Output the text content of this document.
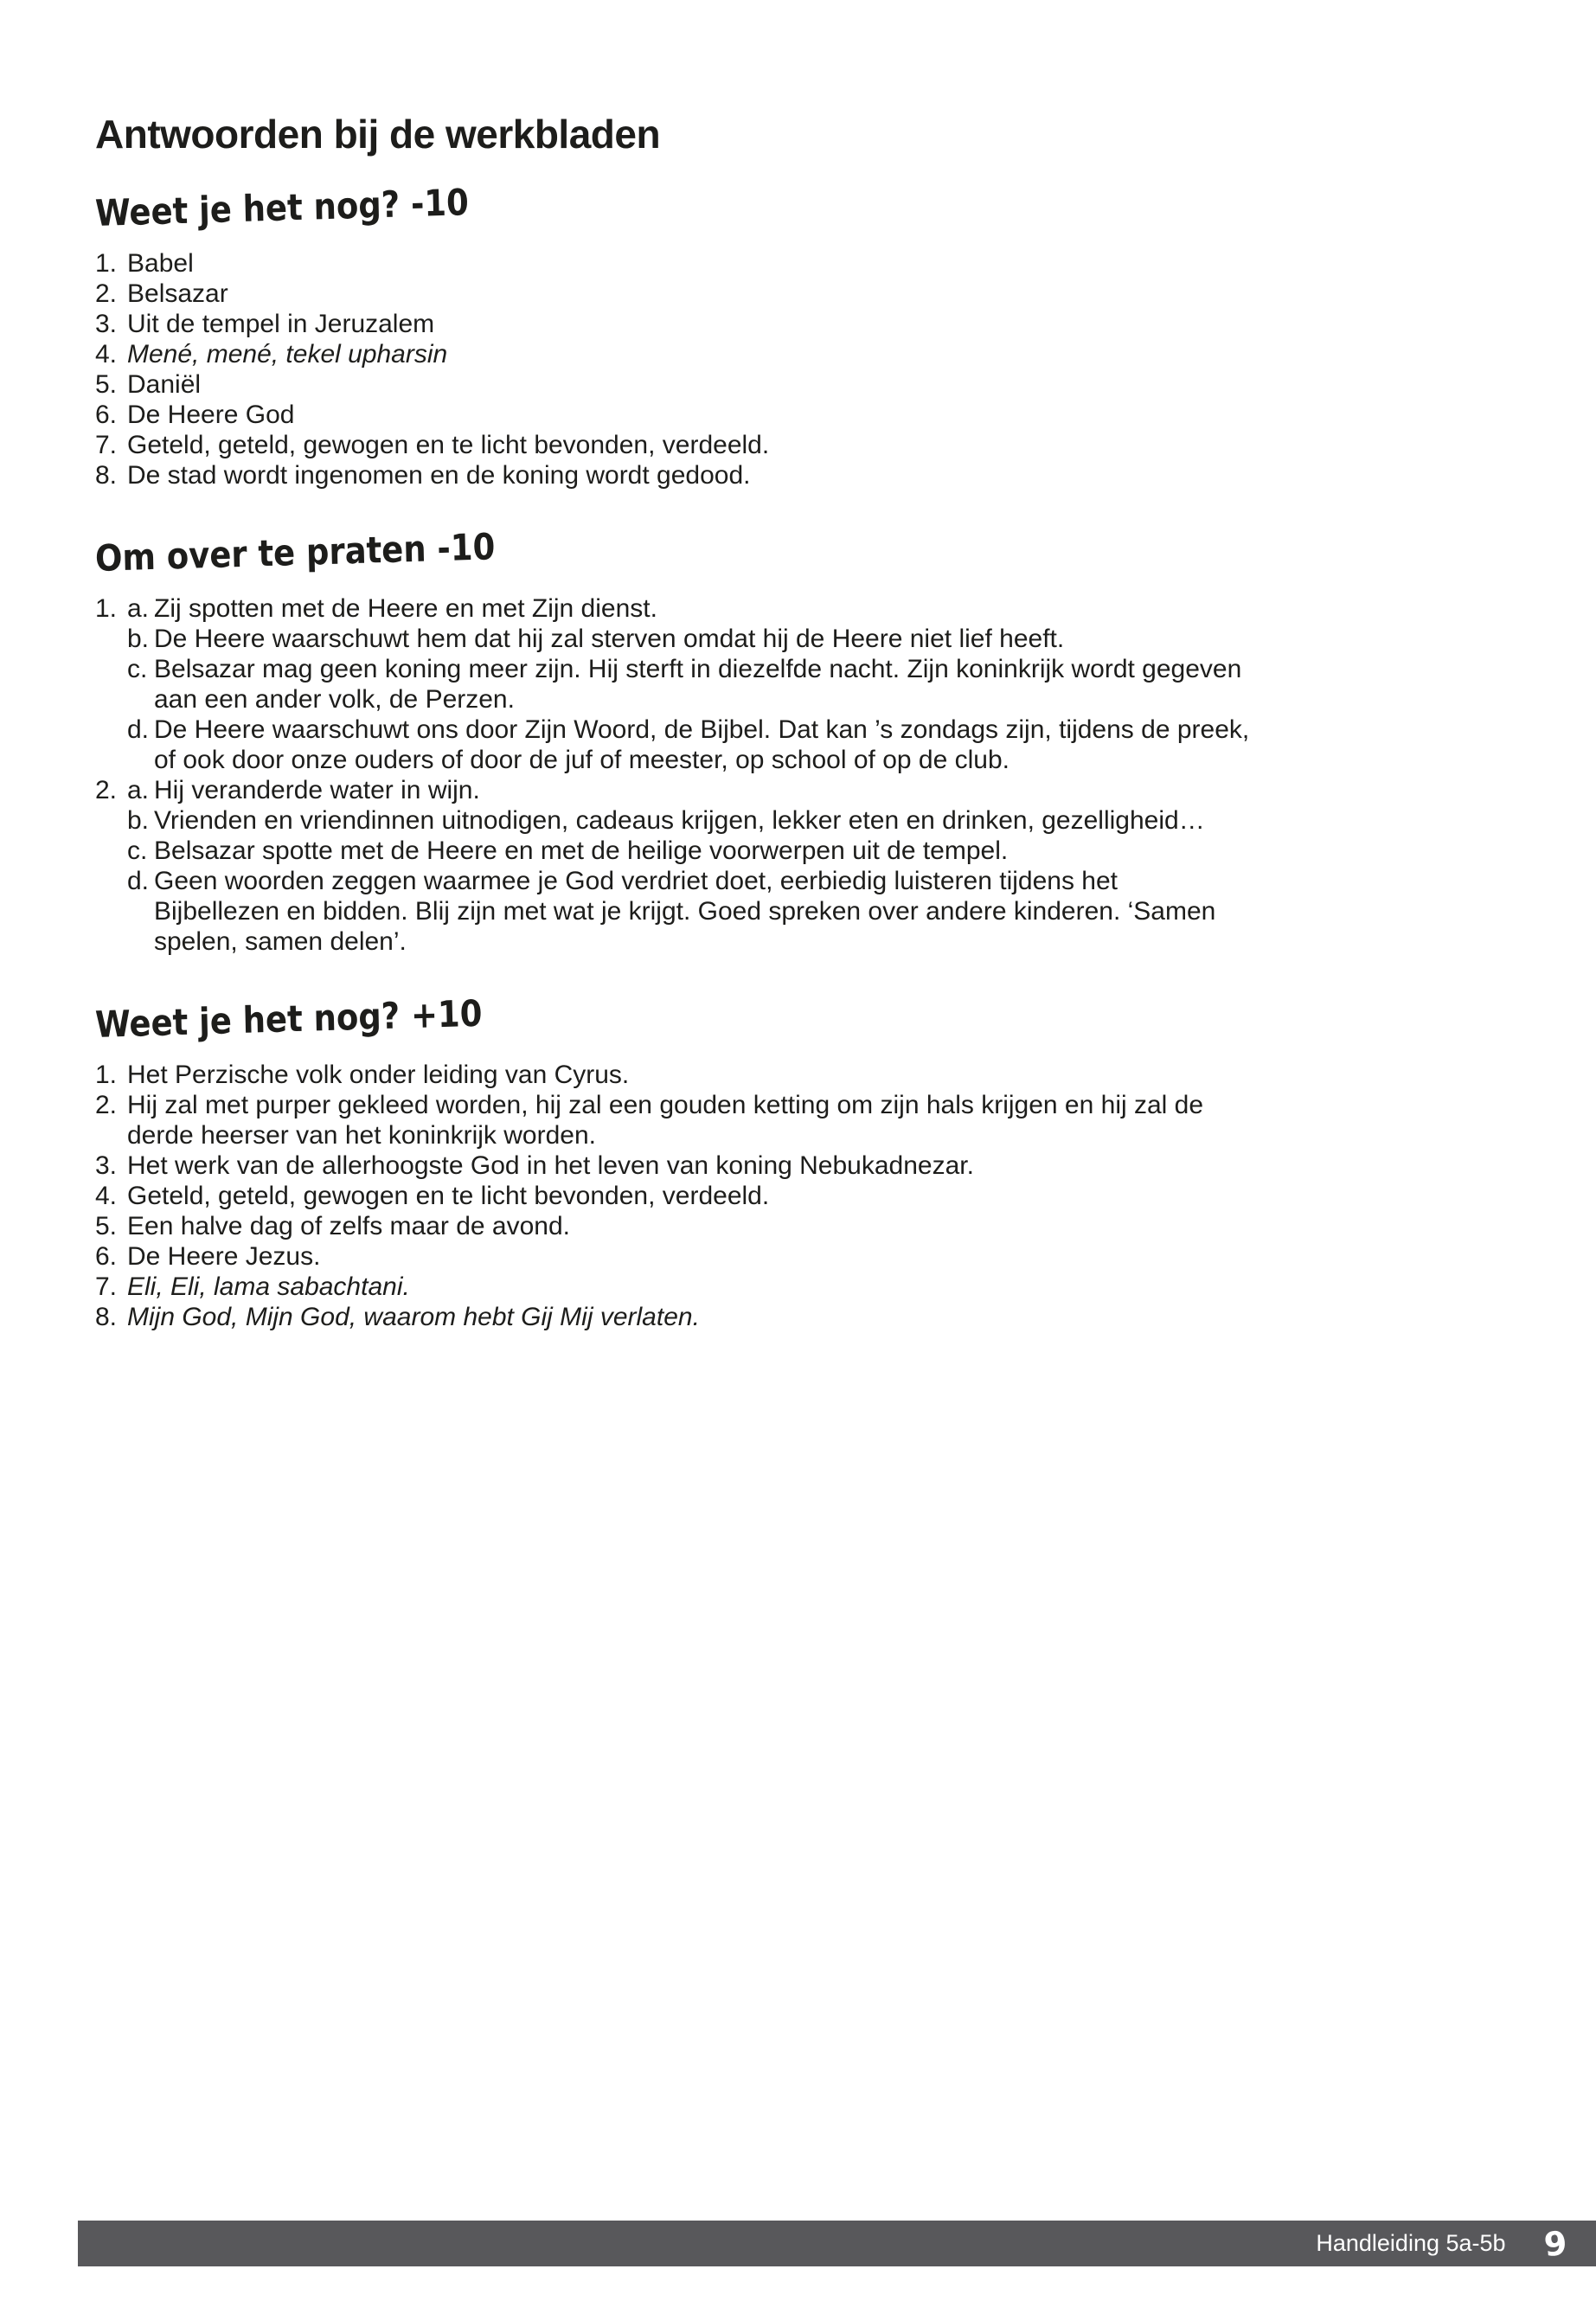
Antwoorden bij de werkbladen
Weet je het nog? -10
1. Babel
2. Belsazar
3. Uit de tempel in Jeruzalem
4. Mené, mené, tekel upharsin
5. Daniël
6. De Heere God
7. Geteld, geteld, gewogen en te licht bevonden, verdeeld.
8. De stad wordt ingenomen en de koning wordt gedood.
Om over te praten -10
1. a. Zij spotten met de Heere en met Zijn dienst.
b. De Heere waarschuwt hem dat hij zal sterven omdat hij de Heere niet lief heeft.
c. Belsazar mag geen koning meer zijn. Hij sterft in diezelfde nacht. Zijn koninkrijk wordt gegeven aan een ander volk, de Perzen.
d. De Heere waarschuwt ons door Zijn Woord, de Bijbel. Dat kan ’s zondags zijn, tijdens de preek, of ook door onze ouders of door de juf of meester, op school of op de club.
2. a. Hij veranderde water in wijn.
b. Vrienden en vriendinnen uitnodigen, cadeaus krijgen, lekker eten en drinken, gezelligheid…
c. Belsazar spotte met de Heere en met de heilige voorwerpen uit de tempel.
d. Geen woorden zeggen waarmee je God verdriet doet, eerbiedig luisteren tijdens het Bijbellezen en bidden. Blij zijn met wat je krijgt. Goed spreken over andere kinderen. ‘Samen spelen, samen delen’.
Weet je het nog? +10
1. Het Perzische volk onder leiding van Cyrus.
2. Hij zal met purper gekleed worden, hij zal een gouden ketting om zijn hals krijgen en hij zal de derde heerser van het koninkrijk worden.
3. Het werk van de allerhoogste God in het leven van koning Nebukadnezar.
4. Geteld, geteld, gewogen en te licht bevonden, verdeeld.
5. Een halve dag of zelfs maar de avond.
6. De Heere Jezus.
7. Eli, Eli, lama sabachtani.
8. Mijn God, Mijn God, waarom hebt Gij Mij verlaten.
Handleiding 5a-5b 9
